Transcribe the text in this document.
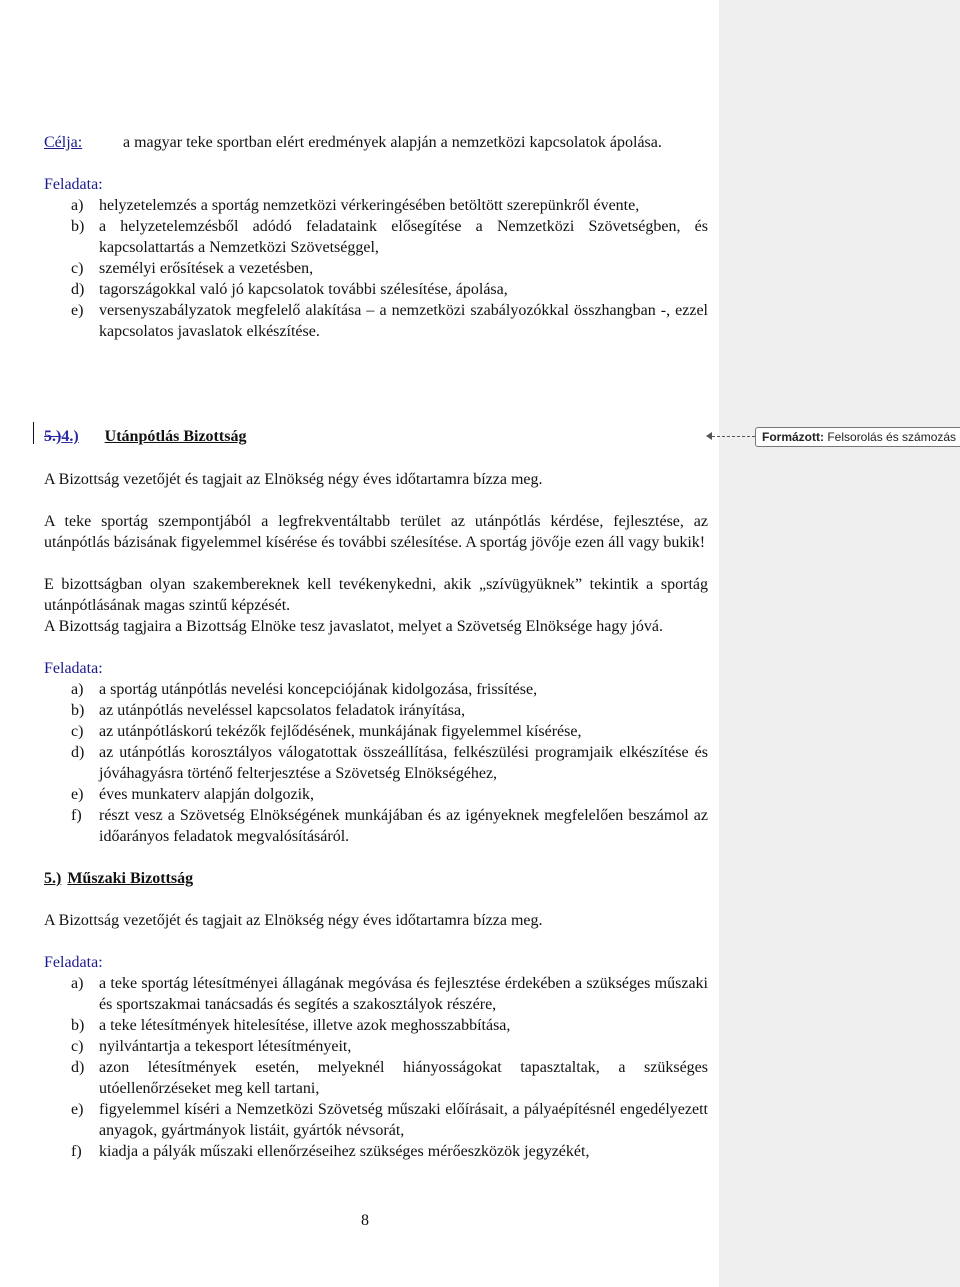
Célja:	a magyar teke sportban elért eredmények alapján a nemzetközi kapcsolatok ápolása.
Feladata:
a) helyzetelemzés a sportág nemzetközi vérkeringésében betöltött szerepünkről évente,
b) a helyzetelemzésből adódó feladataink elősegítése a Nemzetközi Szövetségben, és kapcsolattartás a Nemzetközi Szövetséggel,
c) személyi erősítések a vezetésben,
d) tagországokkal való jó kapcsolatok további szélesítése, ápolása,
e) versenyszabályzatok megfelelő alakítása – a nemzetközi szabályozókkal összhangban -, ezzel kapcsolatos javaslatok elkészítése.
5.)4.) Utánpótlás Bizottság
A Bizottság vezetőjét és tagjait az Elnökség négy éves időtartamra bízza meg.
A teke sportág szempontjából a legfrekventáltabb terület az utánpótlás kérdése, fejlesztése, az utánpótlás bázisának figyelemmel kísérése és további szélesítése. A sportág jövője ezen áll vagy bukik!
E bizottságban olyan szakembereknek kell tevékenykedni, akik „szívügyüknek” tekintik a sportág utánpótlásának magas szintű képzését.
A Bizottság tagjaira a Bizottság Elnöke tesz javaslatot, melyet a Szövetség Elnöksége hagy jóvá.
Feladata:
a) a sportág utánpótlás nevelési koncepciójának kidolgozása, frissítése,
b) az utánpótlás neveléssel kapcsolatos feladatok irányítása,
c) az utánpótláskorú tekézők fejlődésének, munkájának figyelemmel kísérése,
d) az utánpótlás korosztályos válogatottak összeállítása, felkészülési programjaik elkészítése és jóváhagyásra történő felterjesztése a Szövetség Elnökségéhez,
e) éves munkaterv alapján dolgozik,
f)	részt vesz a Szövetség Elnökségének munkájában és az igényeknek megfelelően beszámol az időarányos feladatok megvalósításáról.
5.) Műszaki Bizottság
A Bizottság vezetőjét és tagjait az Elnökség négy éves időtartamra bízza meg.
Feladata:
a) a teke sportág létesítményei állagának megóvása és fejlesztése érdekében a szükséges műszaki és sportszakmai tanácsadás és segítés a szakosztályok részére,
b) a teke létesítmények hitelesítése, illetve azok meghosszabbítása,
c) nyilvántartja a tekesport létesítményeit,
d) azon létesítmények esetén, melyeknél hiányosságokat tapasztaltak, a szükséges utóellenőrzéseket meg kell tartani,
e) figyelemmel kíséri a Nemzetközi Szövetség műszaki előírásait, a pályaépítésnél engedélyezett anyagok, gyártmányok listáit, gyártók névsorát,
f)	kiadja a pályák műszaki ellenőrzéseihez szükséges mérőeszközök jegyzékét,
8
Formázott: Felsorolás és számozás
